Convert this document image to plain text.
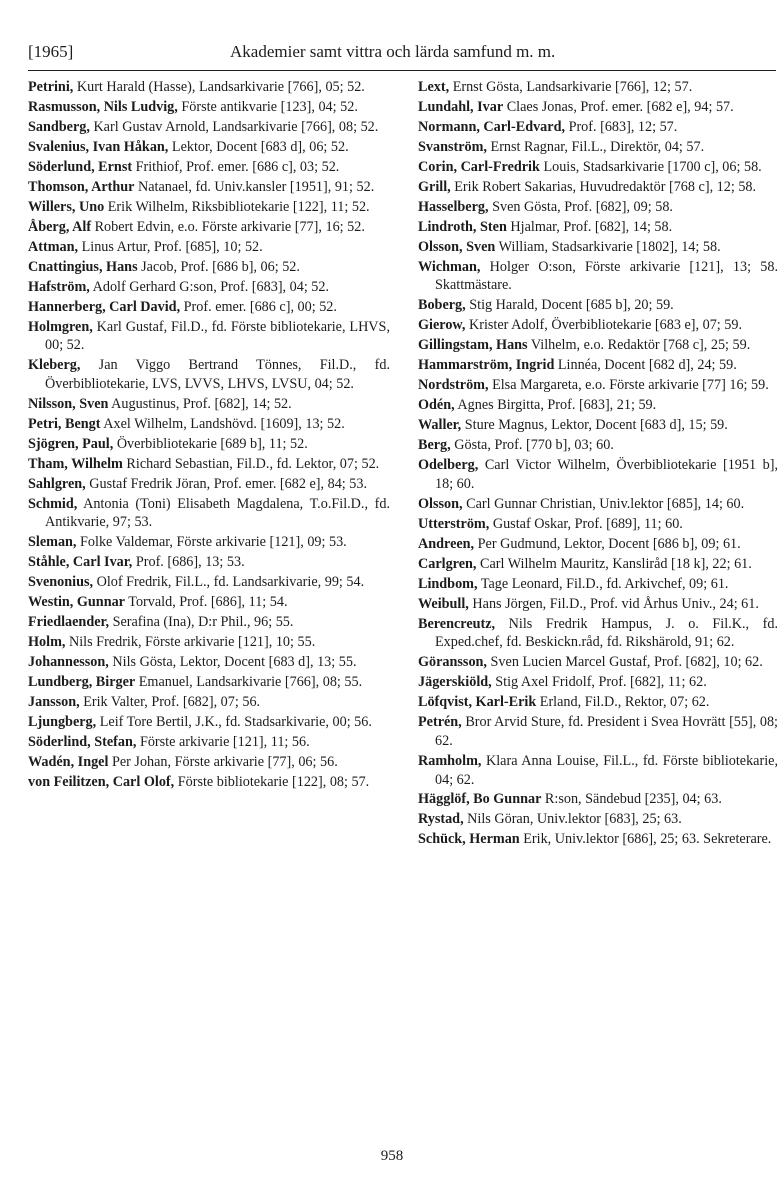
[1965]	Akademier samt vittra och lärda samfund m. m.

Petrini, Kurt Harald (Hasse), Landsarkivarie [766], 05; 52.

Rasmusson, Nils Ludvig, Förste antikvarie [123], 04; 52.

Sandberg, Karl Gustav Arnold, Landsarkivarie [766], 08; 52.

Svalenius, Ivan Håkan, Lektor, Docent [683 d], 06; 52.

Söderlund, Ernst Frithiof, Prof. emer. [686 c], 03; 52.

Thomson, Arthur Natanael, fd. Univ.kansler [1951], 91; 52.

Willers, Uno Erik Wilhelm, Riksbibliotekarie [122], 11; 52.

Åberg, Alf Robert Edvin, e.o. Förste arkivarie [77], 16; 52.

Attman, Linus Artur, Prof. [685], 10; 52.

Cnattingius, Hans Jacob, Prof. [686 b], 06; 52.

Hafström, Adolf Gerhard G:son, Prof. [683], 04; 52.

Hannerberg, Carl David, Prof. emer. [686 c], 00; 52.

Holmgren, Karl Gustaf, Fil.D., fd. Förste bibliotekarie, LHVS, 00; 52.

Kleberg, Jan Viggo Bertrand Tönnes, Fil.D., fd. Överbibliotekarie, LVS, LVVS, LHVS, LVSU, 04; 52.

Nilsson, Sven Augustinus, Prof. [682], 14; 52.

Petri, Bengt Axel Wilhelm, Landshövd. [1609], 13; 52.

Sjögren, Paul, Överbibliotekarie [689 b], 11; 52.

Tham, Wilhelm Richard Sebastian, Fil.D., fd. Lektor, 07; 52.

Sahlgren, Gustaf Fredrik Jöran, Prof. emer. [682 e], 84; 53.

Schmid, Antonia (Toni) Elisabeth Magdalena, T.o.Fil.D., fd. Antikvarie, 97; 53.

Sleman, Folke Valdemar, Förste arkivarie [121], 09; 53.

Ståhle, Carl Ivar, Prof. [686], 13; 53.

Svenonius, Olof Fredrik, Fil.L., fd. Landsarkivarie, 99; 54.

Westin, Gunnar Torvald, Prof. [686], 11; 54.

Friedlaender, Serafina (Ina), D:r Phil., 96; 55.

Holm, Nils Fredrik, Förste arkivarie [121], 10; 55.

Johannesson, Nils Gösta, Lektor, Docent [683 d], 13; 55.

Lundberg, Birger Emanuel, Landsarkivarie [766], 08; 55.

Jansson, Erik Valter, Prof. [682], 07; 56.

Ljungberg, Leif Tore Bertil, J.K., fd. Stadsarkivarie, 00; 56.

Söderlind, Stefan, Förste arkivarie [121], 11; 56.

Wadén, Ingel Per Johan, Förste arkivarie [77], 06; 56.

von Feilitzen, Carl Olof, Förste bibliotekarie [122], 08; 57.

Lext, Ernst Gösta, Landsarkivarie [766], 12; 57.

Lundahl, Ivar Claes Jonas, Prof. emer. [682 e], 94; 57.

Normann, Carl-Edvard, Prof. [683], 12; 57.

Svanström, Ernst Ragnar, Fil.L., Direktör, 04; 57.

Corin, Carl-Fredrik Louis, Stadsarkivarie [1700 c], 06; 58.

Grill, Erik Robert Sakarias, Huvudredaktör [768 c], 12; 58.

Hasselberg, Sven Gösta, Prof. [682], 09; 58.

Lindroth, Sten Hjalmar, Prof. [682], 14; 58.

Olsson, Sven William, Stadsarkivarie [1802], 14; 58.

Wichman, Holger O:son, Förste arkivarie [121], 13; 58. Skattmästare.

Boberg, Stig Harald, Docent [685 b], 20; 59.

Gierow, Krister Adolf, Överbibliotekarie [683 e], 07; 59.

Gillingstam, Hans Vilhelm, e.o. Redaktör [768 c], 25; 59.

Hammarström, Ingrid Linnéa, Docent [682 d], 24; 59.

Nordström, Elsa Margareta, e.o. Förste arkivarie [77] 16; 59.

Odén, Agnes Birgitta, Prof. [683], 21; 59.

Waller, Sture Magnus, Lektor, Docent [683 d], 15; 59.

Berg, Gösta, Prof. [770 b], 03; 60.

Odelberg, Carl Victor Wilhelm, Överbibliotekarie [1951 b], 18; 60.

Olsson, Carl Gunnar Christian, Univ.lektor [685], 14; 60.

Utterström, Gustaf Oskar, Prof. [689], 11; 60.

Andreen, Per Gudmund, Lektor, Docent [686 b], 09; 61.

Carlgren, Carl Wilhelm Mauritz, Kansliråd [18 k], 22; 61.

Lindbom, Tage Leonard, Fil.D., fd. Arkivchef, 09; 61.

Weibull, Hans Jörgen, Fil.D., Prof. vid Århus Univ., 24; 61.

Berencreutz, Nils Fredrik Hampus, J. o. Fil.K., fd. Exped.chef, fd. Beskickn.råd, fd. Rikshärold, 91; 62.

Göransson, Sven Lucien Marcel Gustaf, Prof. [682], 10; 62.

Jägerskiöld, Stig Axel Fridolf, Prof. [682], 11; 62.

Löfqvist, Karl-Erik Erland, Fil.D., Rektor, 07; 62.

Petrén, Bror Arvid Sture, fd. President i Svea Hovrätt [55], 08; 62.

Ramholm, Klara Anna Louise, Fil.L., fd. Förste bibliotekarie, 04; 62.

Hägglöf, Bo Gunnar R:son, Sändebud [235], 04; 63.

Rystad, Nils Göran, Univ.lektor [683], 25; 63.

Schück, Herman Erik, Univ.lektor [686], 25; 63. Sekreterare.

958
